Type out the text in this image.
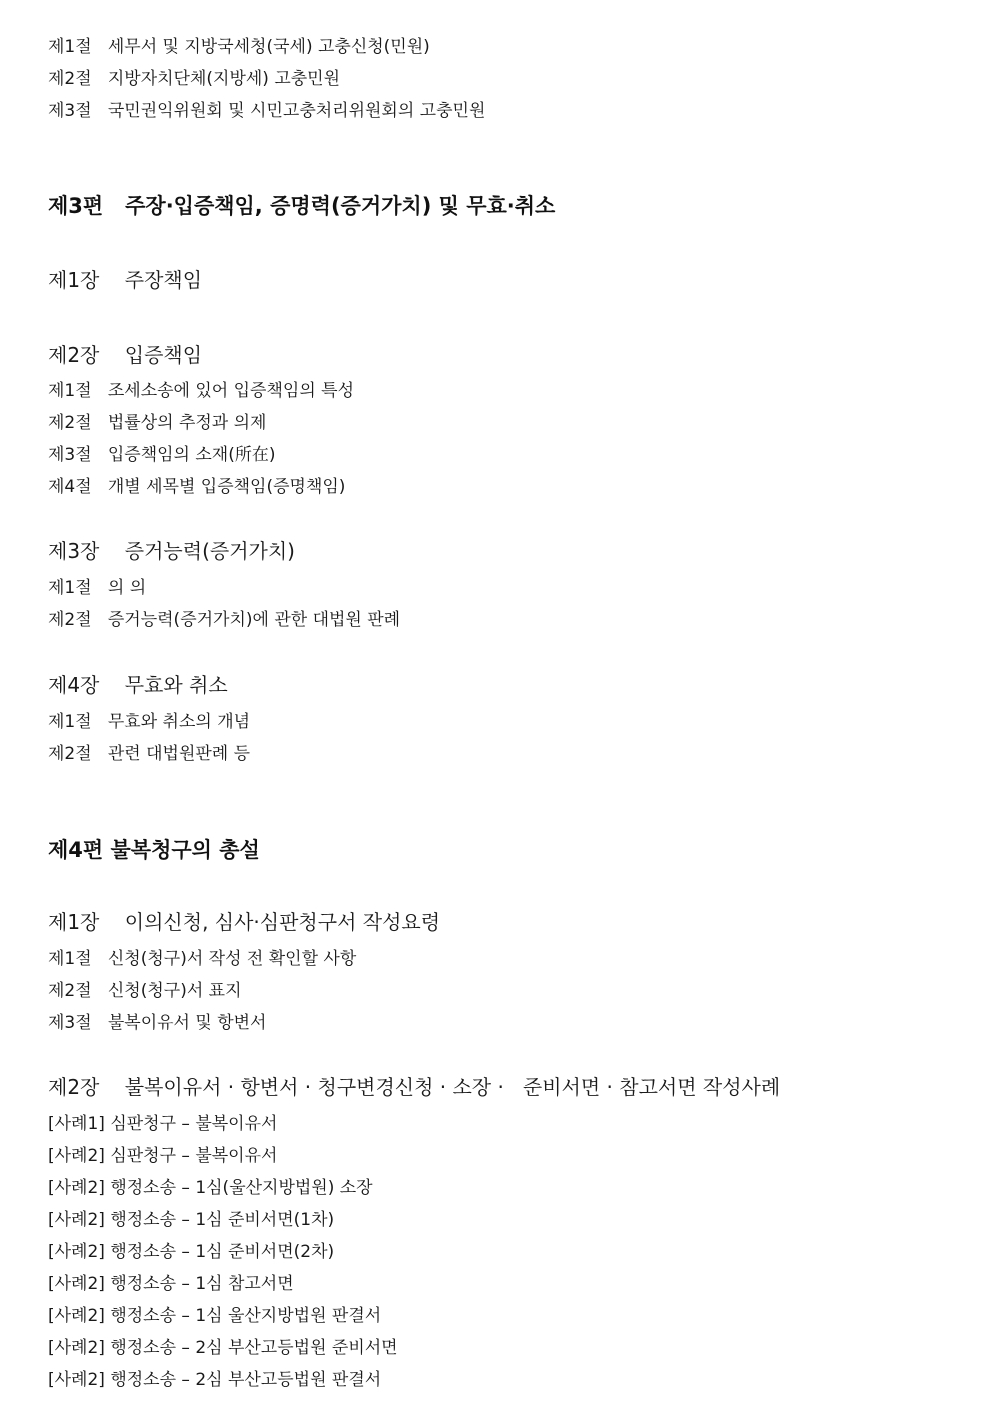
제1절   세무서 및 지방국세청(국세) 고충신청(민원)
제2절   지방자치단체(지방세) 고충민원
제3절   국민권익위원회 및 시민고충처리위원회의 고충민원
제3편   주장·입증책임, 증명력(증거가치) 및 무효·취소
제1장    주장책임
제2장    입증책임
제1절   조세소송에 있어 입증책임의 특성
제2절   법률상의 추정과 의제
제3절   입증책임의 소재(所在)
제4절   개별 세목별 입증책임(증명책임)
제3장    증거능력(증거가치)
제1절   의 의
제2절   증거능력(증거가치)에 관한 대법원 판례
제4장    무효와 취소
제1절   무효와 취소의 개념
제2절   관련 대법원판례 등
제4편 불복청구의 총설
제1장    이의신청, 심사·심판청구서 작성요령
제1절   신청(청구)서 작성 전 확인할 사항
제2절   신청(청구)서 표지
제3절   불복이유서 및 항변서
제2장    불복이유서 · 항변서 · 청구변경신청 · 소장 ·   준비서면 · 참고서면 작성사례
[사례1] 심판청구 – 불복이유서
[사례2] 심판청구 – 불복이유서
[사례2] 행정소송 – 1심(울산지방법원) 소장
[사례2] 행정소송 – 1심 준비서면(1차)
[사례2] 행정소송 – 1심 준비서면(2차)
[사례2] 행정소송 – 1심 참고서면
[사례2] 행정소송 – 1심 울산지방법원 판결서
[사례2] 행정소송 – 2심 부산고등법원 준비서면
[사례2] 행정소송 – 2심 부산고등법원 판결서
